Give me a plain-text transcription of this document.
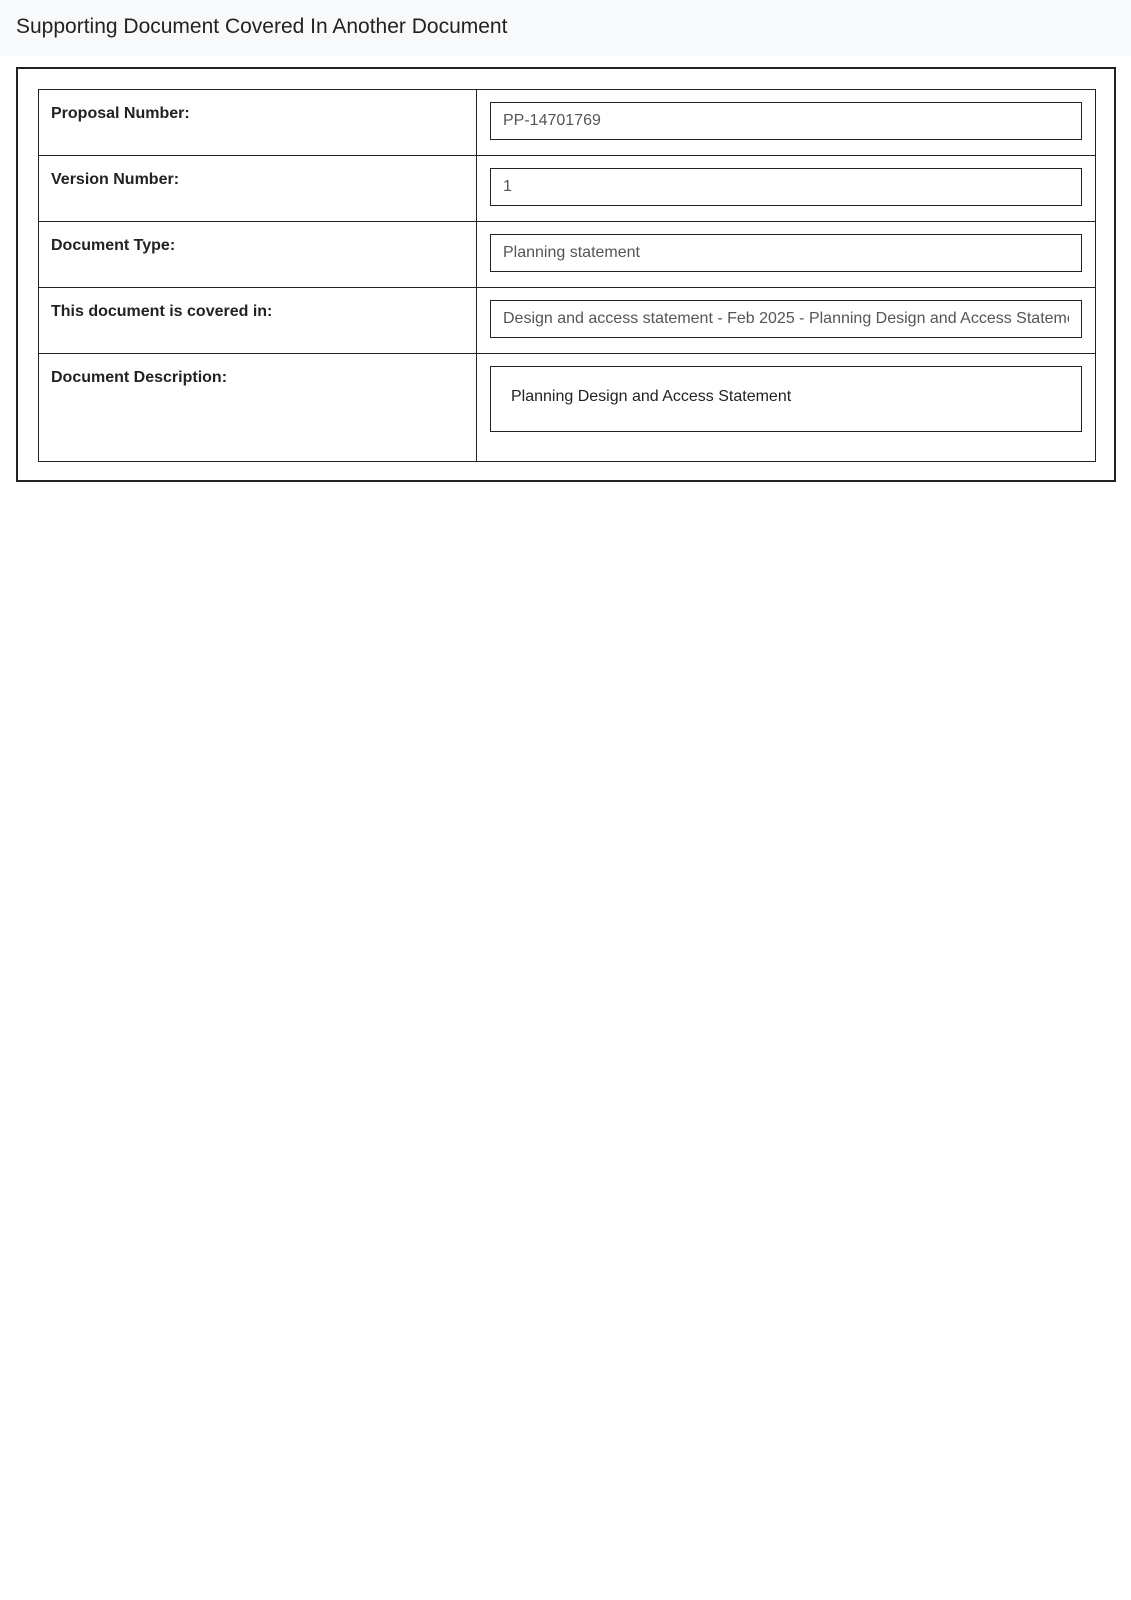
Supporting Document Covered In Another Document
Proposal Number:	PP-14701769
Version Number:	1
Document Type:	Planning statement
This document is covered in:	Design and access statement - Feb 2025 - Planning Design and Access Statement
Document Description:	Planning Design and Access Statement
